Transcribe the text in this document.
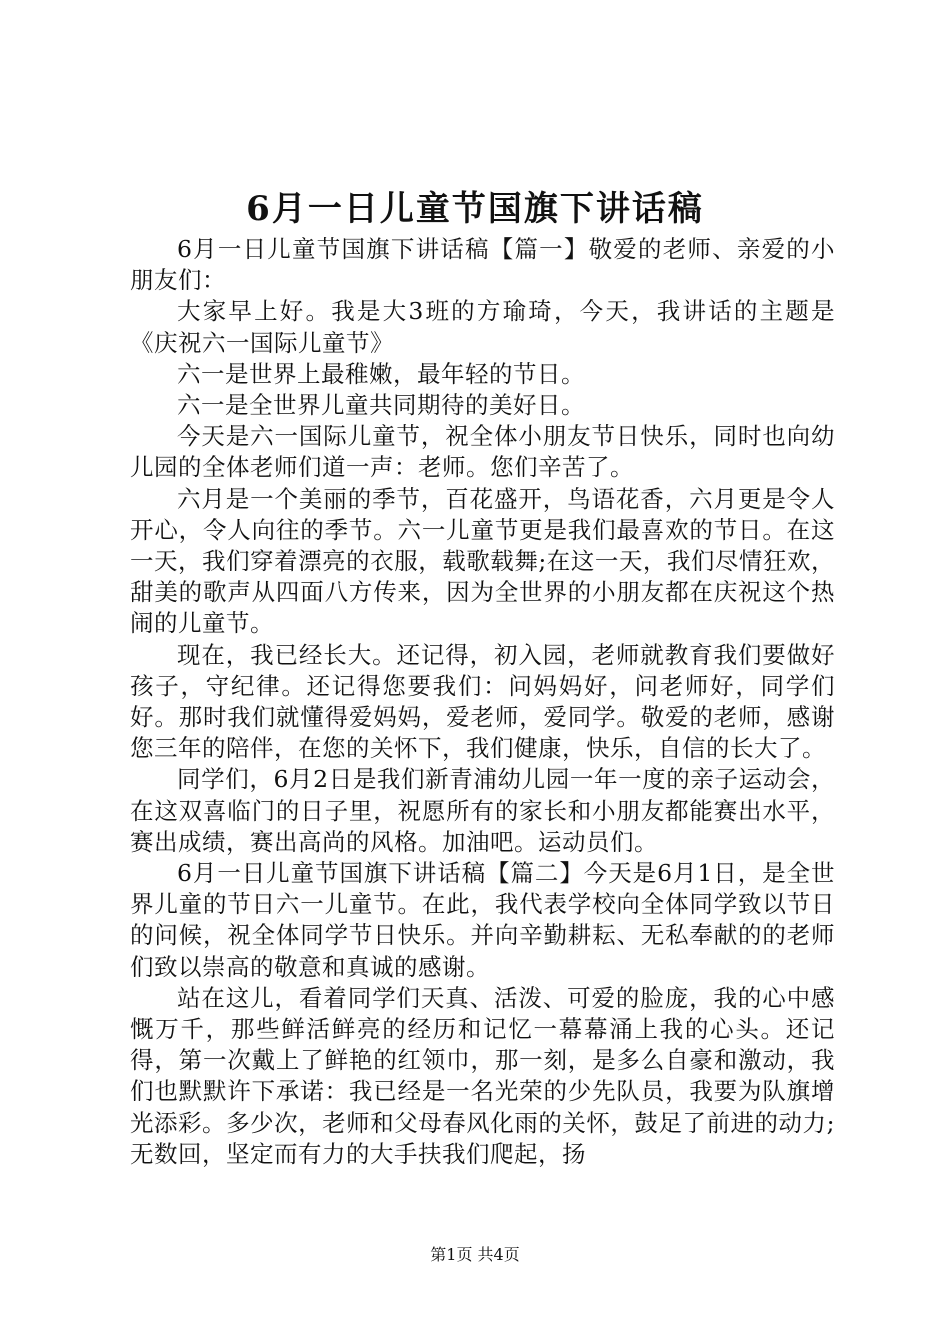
6月一日儿童节国旗下讲话稿

6月一日儿童节国旗下讲话稿【篇一】敬爱的老师、亲爱的小朋友们：

大家早上好。我是大3班的方瑜琦，今天，我讲话的主题是《庆祝六一国际儿童节》

六一是世界上最稚嫩，最年轻的节日。

六一是全世界儿童共同期待的美好日。

今天是六一国际儿童节，祝全体小朋友节日快乐，同时也向幼儿园的全体老师们道一声：老师。您们辛苦了。

六月是一个美丽的季节，百花盛开，鸟语花香，六月更是令人开心，令人向往的季节。六一儿童节更是我们最喜欢的节日。在这一天，我们穿着漂亮的衣服，载歌载舞;在这一天，我们尽情狂欢，甜美的歌声从四面八方传来，因为全世界的小朋友都在庆祝这个热闹的儿童节。

现在，我已经长大。还记得，初入园，老师就教育我们要做好孩子，守纪律。还记得您要我们：问妈妈好，问老师好，同学们好。那时我们就懂得爱妈妈，爱老师，爱同学。敬爱的老师，感谢您三年的陪伴，在您的关怀下，我们健康，快乐，自信的长大了。

同学们，6月2日是我们新青浦幼儿园一年一度的亲子运动会，在这双喜临门的日子里，祝愿所有的家长和小朋友都能赛出水平，赛出成绩，赛出高尚的风格。加油吧。运动员们。

6月一日儿童节国旗下讲话稿【篇二】今天是6月1日，是全世界儿童的节日六一儿童节。在此，我代表学校向全体同学致以节日的问候，祝全体同学节日快乐。并向辛勤耕耘、无私奉献的的老师们致以崇高的敬意和真诚的感谢。

站在这儿，看着同学们天真、活泼、可爱的脸庞，我的心中感慨万千，那些鲜活鲜亮的经历和记忆一幕幕涌上我的心头。还记得，第一次戴上了鲜艳的红领巾，那一刻，是多么自豪和激动，我们也默默许下承诺：我已经是一名光荣的少先队员，我要为队旗增光添彩。多少次，老师和父母春风化雨的关怀，鼓足了前进的动力;无数回，坚定而有力的大手扶我们爬起，扬

第1页 共4页
